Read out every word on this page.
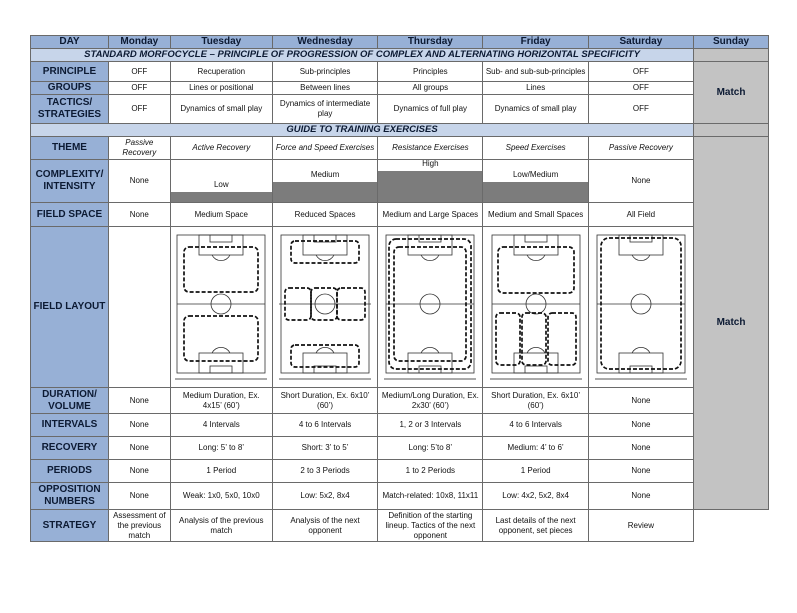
DAY	Monday	Tuesday	Wednesday	Thursday	Friday	Saturday	Sunday
STANDARD MORFOCYCLE – PRINCIPLE OF PROGRESSION OF COMPLEX AND ALTERNATING HORIZONTAL SPECIFICITY							
PRINCIPLE	OFF	Recuperation	Sub-principles	Principles	Sub- and sub-sub-principles	OFF	Match
GROUPS	OFF	Lines or positional	Between lines	All groups	Lines	OFF	
TACTICS/ STRATEGIES	OFF	Dynamics of small play	Dynamics of intermediate play	Dynamics of full play	Dynamics of small play	OFF	
GUIDE TO TRAINING EXERCISES							
THEME	Passive Recovery	Active Recovery	Force and Speed Exercises	Resistance Exercises	Speed Exercises	Passive Recovery	Match
COMPLEXITY/ INTENSITY	None	Low	Medium	High	Low/Medium	None	
FIELD SPACE	None	Medium Space	Reduced Spaces	Medium and Large Spaces	Medium and Small Spaces	All Field	
FIELD LAYOUT		

DURATION/ VOLUME	None	Medium Duration, Ex. 4x15’ (60’)	Short Duration, Ex. 6x10’ (60’)	Medium/Long Duration, Ex. 2x30’ (60’)	Short Duration, Ex. 6x10’ (60’)	None	
INTERVALS	None	4 Intervals	4 to 6 Intervals	1, 2 or 3 Intervals	4 to 6 Intervals	None	
RECOVERY	None	Long: 5’ to 8’	Short: 3’ to 5’	Long: 5’to 8’	Medium: 4’ to 6’	None	
PERIODS	None	1 Period	2 to 3 Periods	1 to 2 Periods	1 Period	None	
OPPOSITION NUMBERS	None	Weak: 1x0, 5x0, 10x0	Low: 5x2, 8x4	Match-related: 10x8, 11x11	Low: 4x2, 5x2, 8x4	None	
STRATEGY	Assessment of the previous match	Analysis of the previous match	Analysis of the next opponent	Definition of the starting lineup. Tactics of the next opponent	Last details of the next opponent, set pieces	Review	
